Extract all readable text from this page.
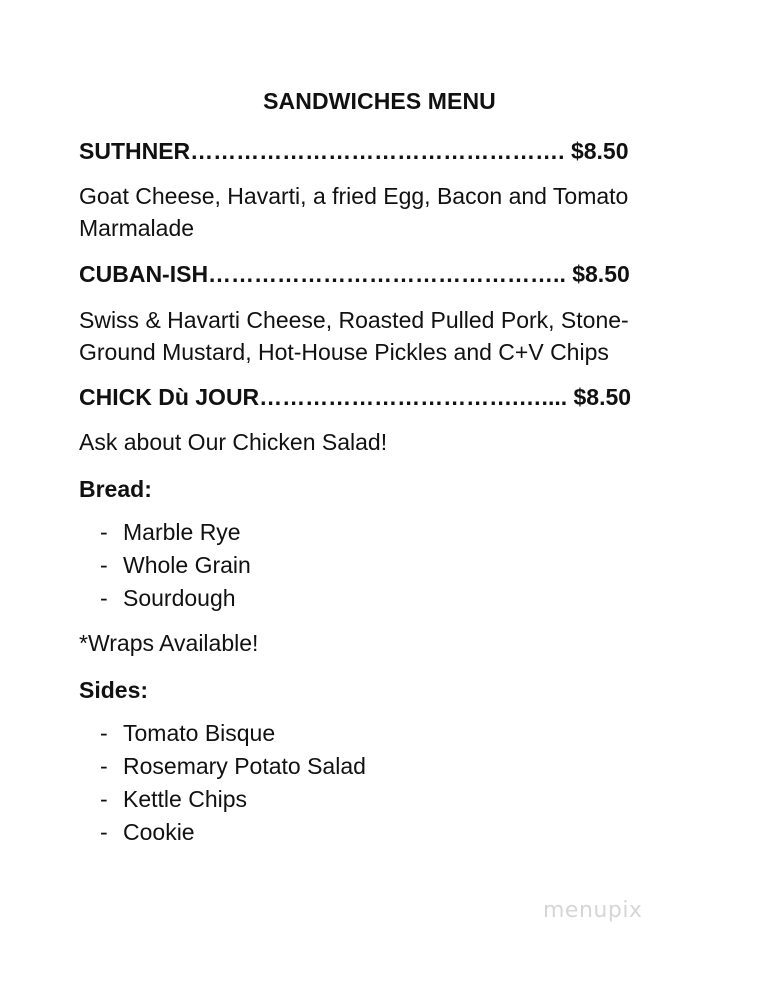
SANDWICHES MENU
SUTHNER…………………………………………. $8.50
Goat Cheese, Havarti, a fried Egg, Bacon and Tomato Marmalade
CUBAN-ISH……………………………………….. $8.50
Swiss & Havarti Cheese, Roasted Pulled Pork, Stone-Ground Mustard, Hot-House Pickles and C+V Chips
CHICK Dù JOUR…………………………….….... $8.50
Ask about Our Chicken Salad!
Bread:
- Marble Rye
- Whole Grain
- Sourdough
*Wraps Available!
Sides:
- Tomato Bisque
- Rosemary Potato Salad
- Kettle Chips
- Cookie
menupix
